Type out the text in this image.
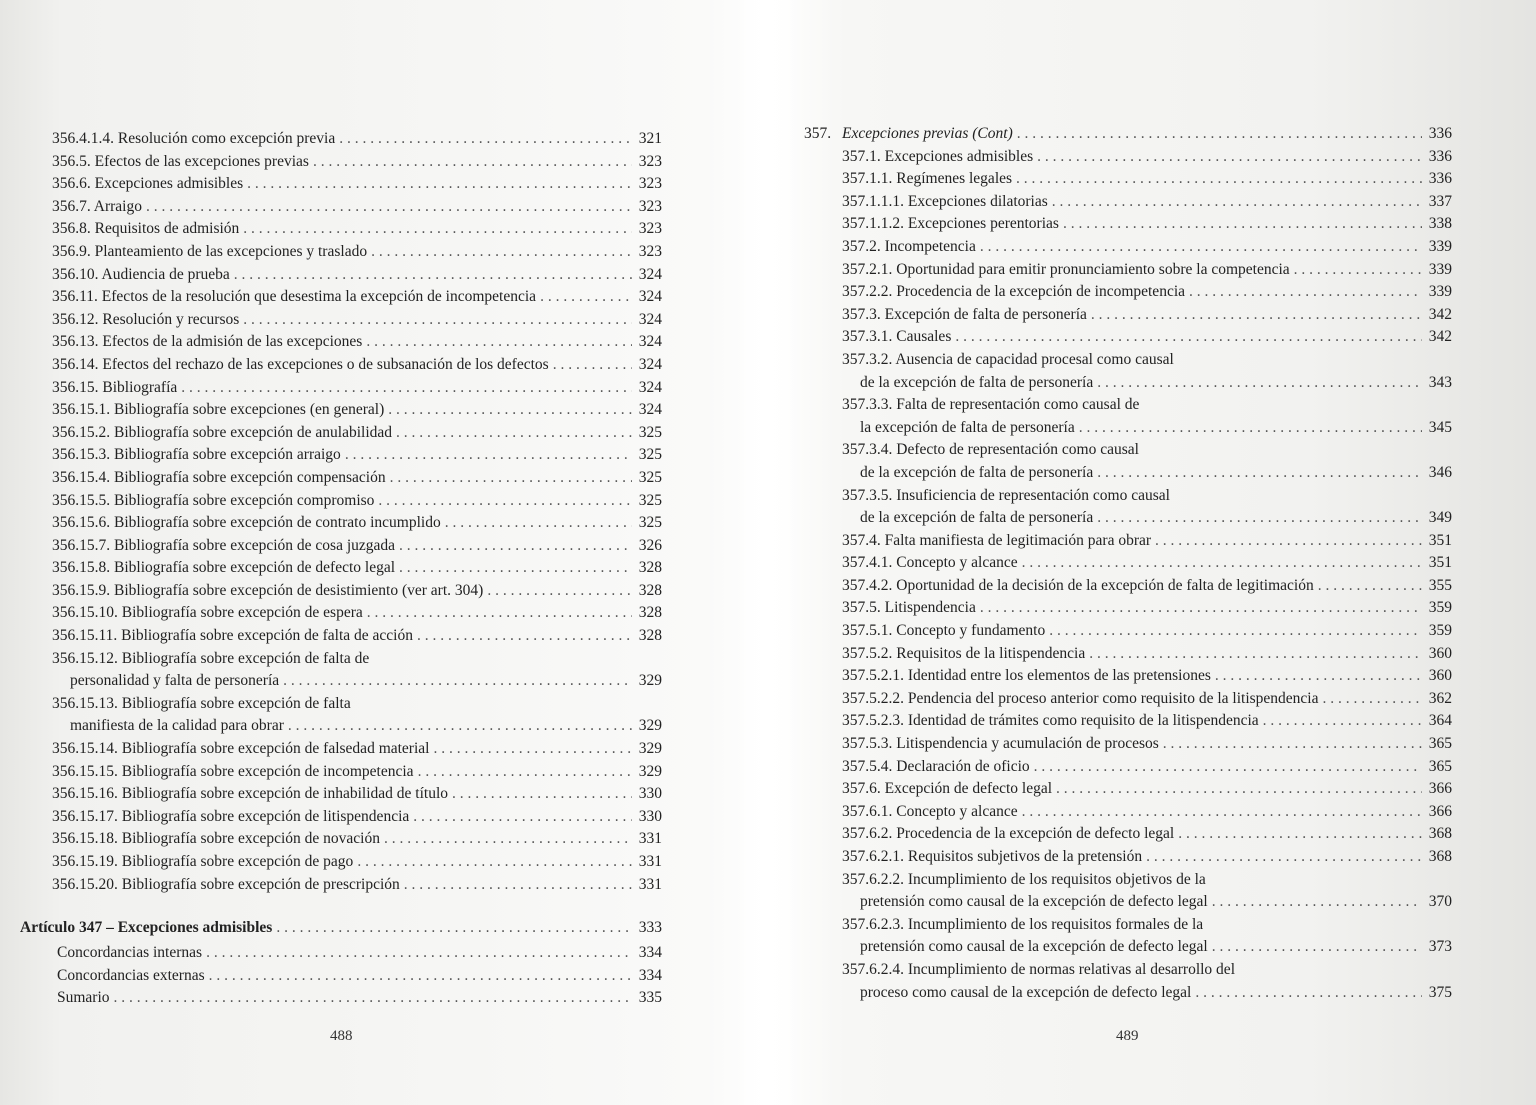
356.4.1.4. Resolución como excepción previa . . .	321
356.5. Efectos de las excepciones previas . . .	323
356.6. Excepciones admisibles . . .	323
356.7. Arraigo . . .	323
356.8. Requisitos de admisión . . .	323
356.9. Planteamiento de las excepciones y traslado . . .	323
356.10. Audiencia de prueba . . .	324
356.11. Efectos de la resolución que desestima la excepción de incompetencia . . .	324
356.12. Resolución y recursos . . .	324
356.13. Efectos de la admisión de las excepciones . . .	324
356.14. Efectos del rechazo de las excepciones o de subsanación de los defectos . . .	324
356.15. Bibliografía . . .	324
356.15.1. Bibliografía sobre excepciones (en general) . . .	324
356.15.2. Bibliografía sobre excepción de anulabilidad . . .	325
356.15.3. Bibliografía sobre excepción arraigo . . .	325
356.15.4. Bibliografía sobre excepción compensación . . .	325
356.15.5. Bibliografía sobre excepción compromiso . . .	325
356.15.6. Bibliografía sobre excepción de contrato incumplido . . .	325
356.15.7. Bibliografía sobre excepción de cosa juzgada . . .	326
356.15.8. Bibliografía sobre excepción de defecto legal . . .	328
356.15.9. Bibliografía sobre excepción de desistimiento (ver art. 304) . . .	328
356.15.10. Bibliografía sobre excepción de espera . . .	328
356.15.11. Bibliografía sobre excepción de falta de acción . . .	328
356.15.12. Bibliografía sobre excepción de falta de
personalidad y falta de personería . . .	329
356.15.13. Bibliografía sobre excepción de falta
manifiesta de la calidad para obrar . . .	329
356.15.14. Bibliografía sobre excepción de falsedad material . . .	329
356.15.15. Bibliografía sobre excepción de incompetencia . . .	329
356.15.16. Bibliografía sobre excepción de inhabilidad de título . . .	330
356.15.17. Bibliografía sobre excepción de litispendencia . . .	330
356.15.18. Bibliografía sobre excepción de novación . . .	331
356.15.19. Bibliografía sobre excepción de pago . . .	331
356.15.20. Bibliografía sobre excepción de prescripción . . .	331
Artículo 347 – Excepciones admisibles . . .	333
Concordancias internas . . .	334
Concordancias externas . . .	334
Sumario . . .	335
357. Excepciones previas (Cont) . . .	336
357.1. Excepciones admisibles . . .	336
357.1.1. Regímenes legales . . .	336
357.1.1.1. Excepciones dilatorias . . .	337
357.1.1.2. Excepciones perentorias . . .	338
357.2. Incompetencia . . .	339
357.2.1. Oportunidad para emitir pronunciamiento sobre la competencia . . .	339
357.2.2. Procedencia de la excepción de incompetencia . . .	339
357.3. Excepción de falta de personería . . .	342
357.3.1. Causales . . .	342
357.3.2. Ausencia de capacidad procesal como causal
de la excepción de falta de personería . . .	343
357.3.3. Falta de representación como causal de
la excepción de falta de personería . . .	345
357.3.4. Defecto de representación como causal
de la excepción de falta de personería . . .	346
357.3.5. Insuficiencia de representación como causal
de la excepción de falta de personería . . .	349
357.4. Falta manifiesta de legitimación para obrar . . .	351
357.4.1. Concepto y alcance . . .	351
357.4.2. Oportunidad de la decisión de la excepción de falta de legitimación . . .	355
357.5. Litispendencia . . .	359
357.5.1. Concepto y fundamento . . .	359
357.5.2. Requisitos de la litispendencia . . .	360
357.5.2.1. Identidad entre los elementos de las pretensiones . . .	360
357.5.2.2. Pendencia del proceso anterior como requisito de la litispendencia . . .	362
357.5.2.3. Identidad de trámites como requisito de la litispendencia . . .	364
357.5.3. Litispendencia y acumulación de procesos . . .	365
357.5.4. Declaración de oficio . . .	365
357.6. Excepción de defecto legal . . .	366
357.6.1. Concepto y alcance . . .	366
357.6.2. Procedencia de la excepción de defecto legal . . .	368
357.6.2.1. Requisitos subjetivos de la pretensión . . .	368
357.6.2.2. Incumplimiento de los requisitos objetivos de la
pretensión como causal de la excepción de defecto legal . . .	370
357.6.2.3. Incumplimiento de los requisitos formales de la
pretensión como causal de la excepción de defecto legal . . .	373
357.6.2.4. Incumplimiento de normas relativas al desarrollo del
proceso como causal de la excepción de defecto legal . . .	375
488	489
